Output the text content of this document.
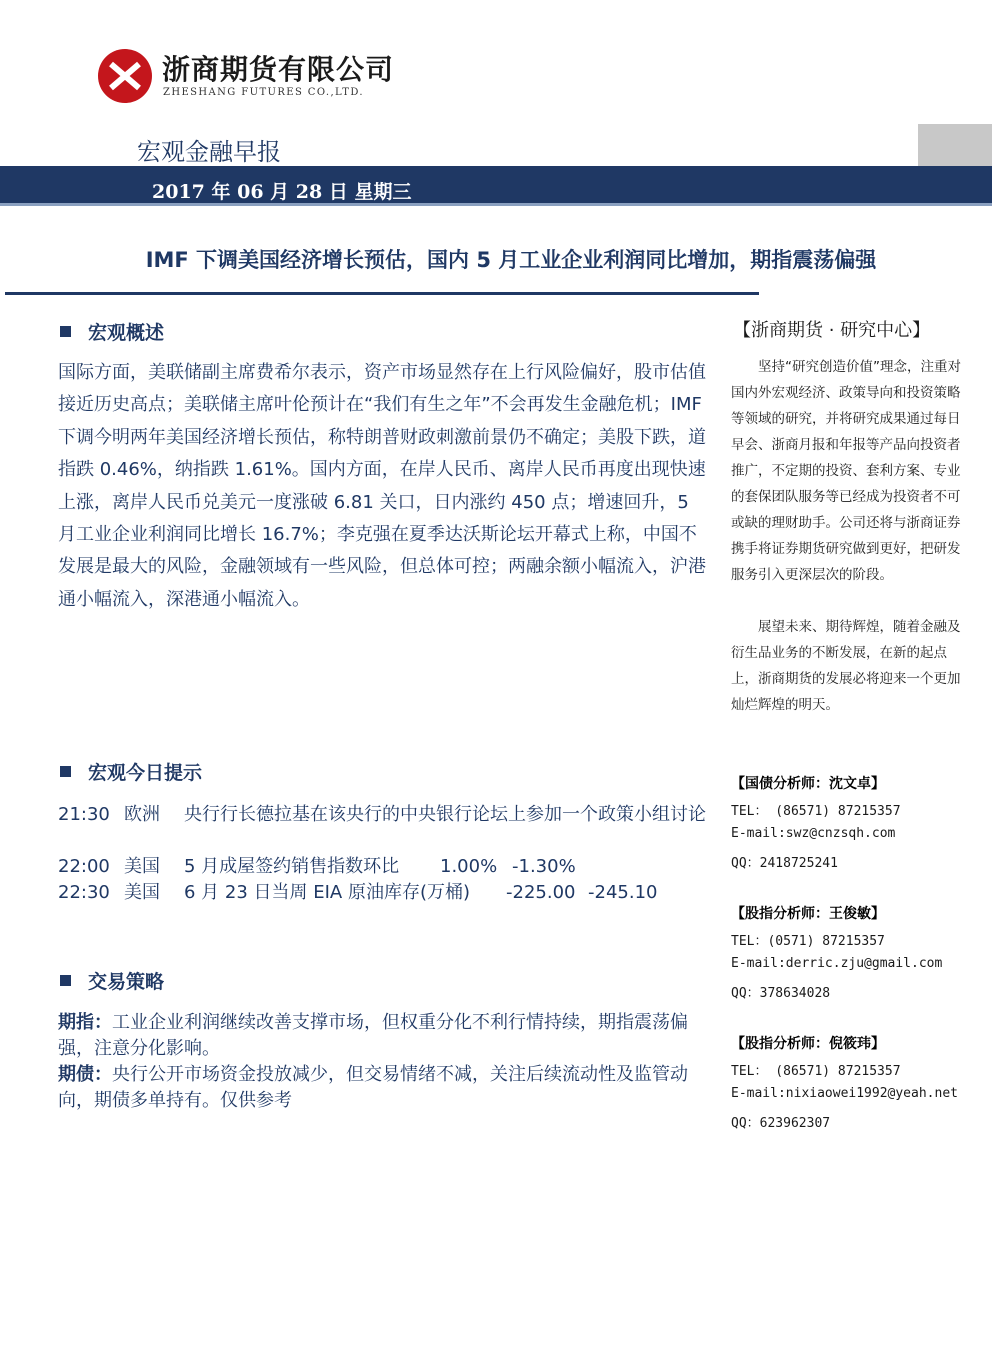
浙商期货有限公司
ZHESHANG FUTURES CO.,LTD.
宏观金融早报
2017 年 06 月 28 日 星期三
IMF 下调美国经济增长预估，国内 5 月工业企业利润同比增加，期指震荡偏强
宏观概述
国际方面，美联储副主席费希尔表示，资产市场显然存在上行风险偏好，股市估值接近历史高点；美联储主席叶伦预计在“我们有生之年”不会再发生金融危机；IMF 下调今明两年美国经济增长预估，称特朗普财政刺激前景仍不确定；美股下跌，道指跌 0.46%，纳指跌 1.61%。国内方面，在岸人民币、离岸人民币再度出现快速上涨，离岸人民币兑美元一度涨破 6.81 关口，日内涨约 450 点；增速回升，5 月工业企业利润同比增长 16.7%；李克强在夏季达沃斯论坛开幕式上称，中国不发展是最大的风险，金融领域有一些风险，但总体可控；两融余额小幅流入，沪港通小幅流入，深港通小幅流入。
宏观今日提示
21:30 欧洲 央行行长德拉基在该央行的中央银行论坛上参加一个政策小组讨论
22:00 美国 5 月成屋签约销售指数环比 1.00% -1.30%
22:30 美国 6 月 23 日当周 EIA 原油库存(万桶) -225.00 -245.10
交易策略
期指：工业企业利润继续改善支撑市场，但权重分化不利行情持续，期指震荡偏强，注意分化影响。
期债：央行公开市场资金投放减少，但交易情绪不减，关注后续流动性及监管动向，期债多单持有。仅供参考
【浙商期货 · 研究中心】
坚持“研究创造价值”理念，注重对国内外宏观经济、政策导向和投资策略等领域的研究，并将研究成果通过每日早会、浙商月报和年报等产品向投资者推广，不定期的投资、套利方案、专业的套保团队服务等已经成为投资者不可或缺的理财助手。公司还将与浙商证券携手将证券期货研究做到更好，把研发服务引入更深层次的阶段。
展望未来、期待辉煌，随着金融及衍生品业务的不断发展，在新的起点上，浙商期货的发展必将迎来一个更加灿烂辉煌的明天。
【国债分析师：沈文卓】
TEL： (86571) 87215357
E-mail:swz@cnzsqh.com
QQ：2418725241
【股指分析师：王俊敏】
TEL：(0571) 87215357
E-mail:derric.zju@gmail.com
QQ：378634028
【股指分析师：倪筱玮】
TEL： (86571) 87215357
E-mail:nixiaowei1992@yeah.net
QQ：623962307
